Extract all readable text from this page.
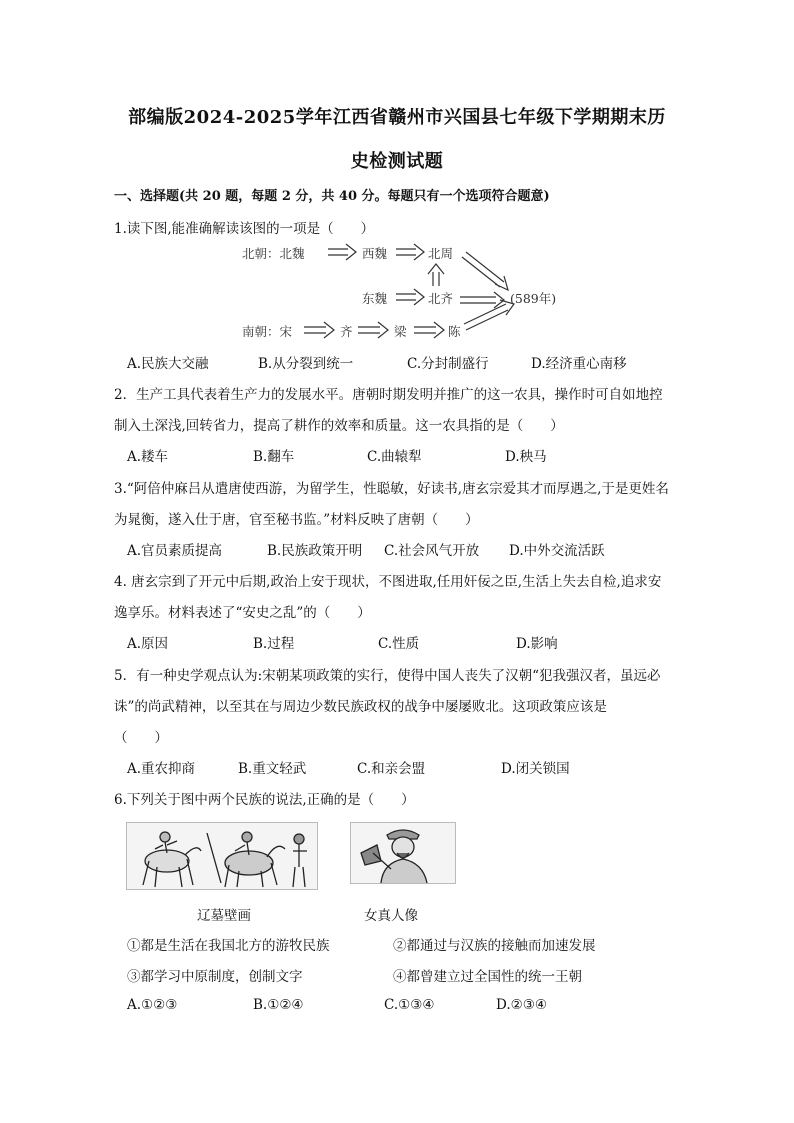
部编版2024-2025学年江西省赣州市兴国县七年级下学期期末历
史检测试题
一、选择题(共 20 题，每题 2 分，共 40 分。每题只有一个选项符合题意)
1.读下图,能准确解读该图的一项是（　　）
北朝：北魏	西魏	北周
东魏	北齐	(589年)
南朝：宋	齐	梁	陈
A.民族大交融	B.从分裂到统一	C.分封制盛行	D.经济重心南移
2．生产工具代表着生产力的发展水平。唐朝时期发明并推广的这一农具，操作时可自如地控
制入土深浅,回转省力，提高了耕作的效率和质量。这一农具指的是（　　）
A.耧车	B.翻车	C.曲辕犁	D.秧马
3.“阿倍仲麻吕从遣唐使西游，为留学生，性聪敏，好读书,唐玄宗爱其才而厚遇之,于是更姓名
为晁衡，遂入仕于唐，官至秘书监。”材料反映了唐朝（　　）
A.官员素质提高	B.民族政策开明 C.社会风气开放 D.中外交流活跃
4. 唐玄宗到了开元中后期,政治上安于现状，不图进取,任用奸佞之臣,生活上失去自检,追求安
逸享乐。材料表述了“安史之乱”的（　　）
A.原因	B.过程	C.性质	D.影响
5．有一种史学观点认为:宋朝某项政策的实行，使得中国人丧失了汉朝“犯我强汉者，虽远必
诛”的尚武精神，以至其在与周边少数民族政权的战争中屡屡败北。这项政策应该是
（　　）
A.重农抑商	B.重文轻武	C.和亲会盟	D.闭关锁国
6.下列关于图中两个民族的说法,正确的是（　　）
辽墓壁画	女真人像
①都是生活在我国北方的游牧民族	②都通过与汉族的接触而加速发展
③都学习中原制度，创制文字	④都曾建立过全国性的统一王朝
A.①②③	B.①②④	C.①③④	D.②③④
